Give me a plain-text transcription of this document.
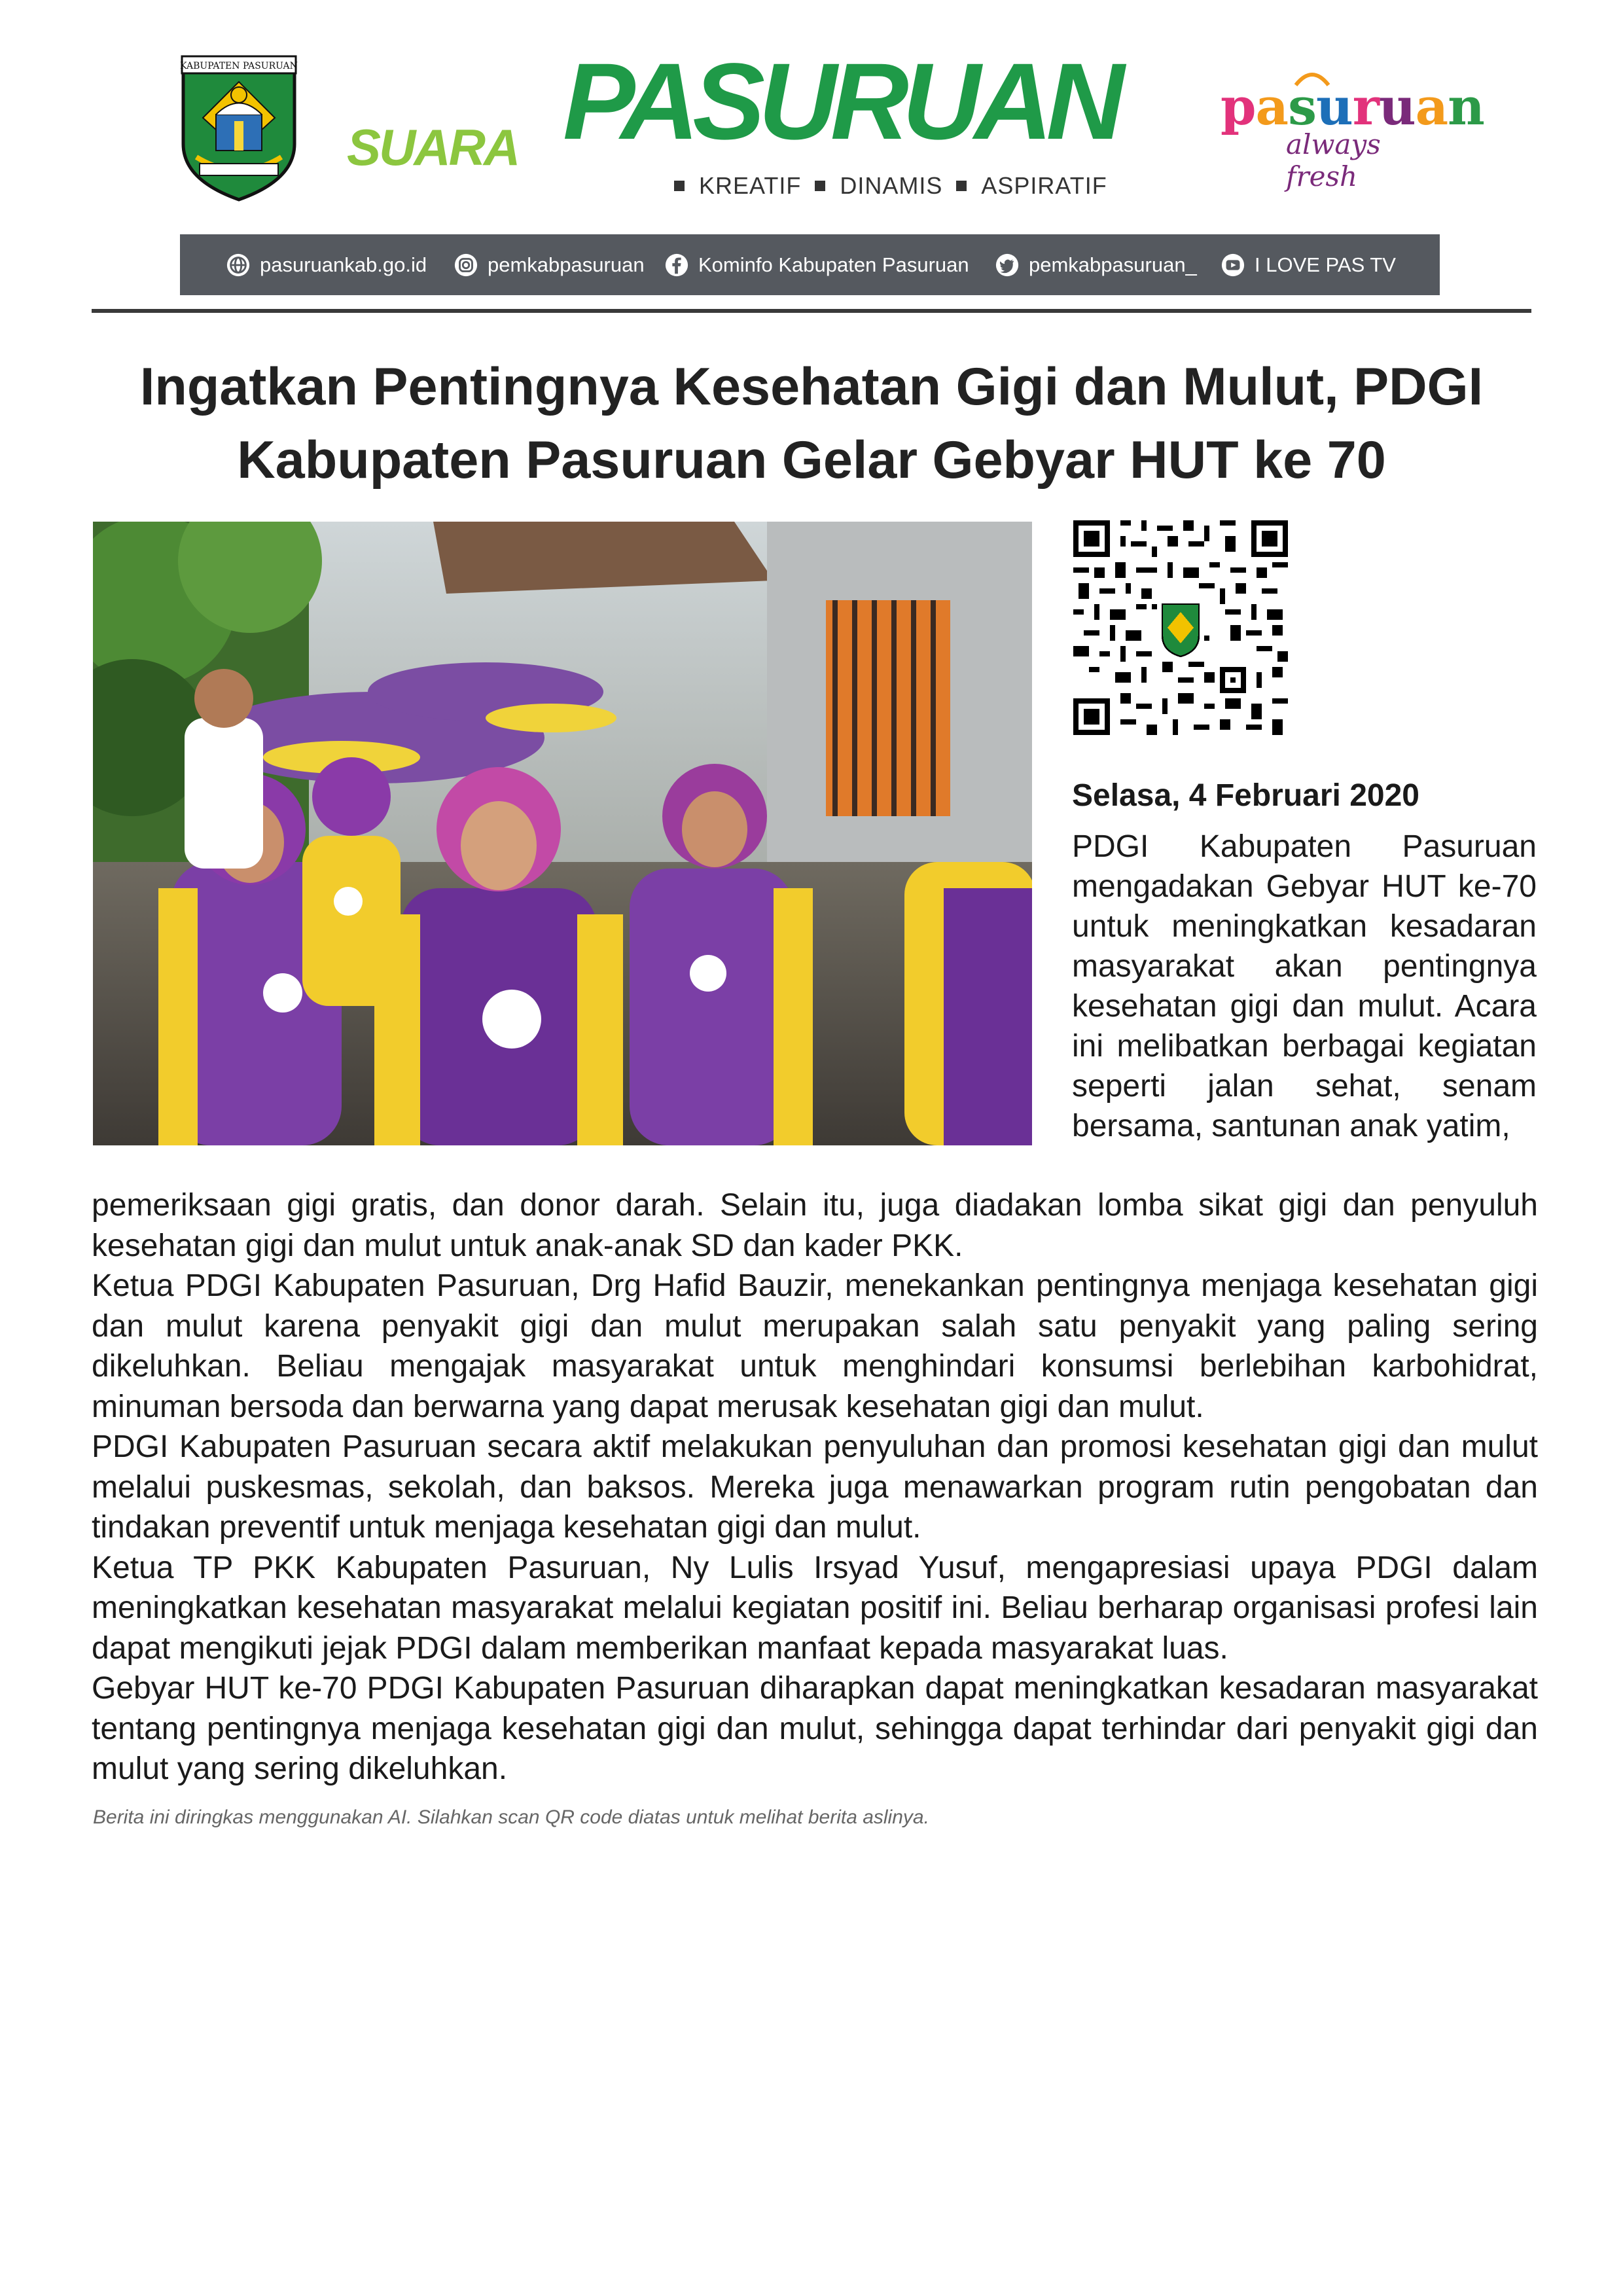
KABUPATEN PASURUAN
SUARA PASURUAN
KREATIF DINAMIS ASPIRATIF
pasuruan
always fresh
pasuruankab.go.id	pemkabpasuruan	Kominfo Kabupaten Pasuruan	pemkabpasuruan_	I LOVE PAS TV
Ingatkan Pentingnya Kesehatan Gigi dan Mulut, PDGI
Kabupaten Pasuruan Gelar Gebyar HUT ke 70
Selasa, 4 Februari 2020

PDGI Kabupaten Pasuruan mengadakan Gebyar HUT ke-70 untuk meningkatkan kesadaran masyarakat akan pentingnya kesehatan gigi dan mulut. Acara ini melibatkan berbagai kegiatan seperti jalan sehat, senam bersama, santunan anak yatim,

pemeriksaan gigi gratis, dan donor darah. Selain itu, juga diadakan lomba sikat gigi dan penyuluh kesehatan gigi dan mulut untuk anak-anak SD dan kader PKK.

Ketua PDGI Kabupaten Pasuruan, Drg Hafid Bauzir, menekankan pentingnya menjaga kesehatan gigi dan mulut karena penyakit gigi dan mulut merupakan salah satu penyakit yang paling sering dikeluhkan. Beliau mengajak masyarakat untuk menghindari konsumsi berlebihan karbohidrat, minuman bersoda dan berwarna yang dapat merusak kesehatan gigi dan mulut.

PDGI Kabupaten Pasuruan secara aktif melakukan penyuluhan dan promosi kesehatan gigi dan mulut melalui puskesmas, sekolah, dan baksos. Mereka juga menawarkan program rutin pengobatan dan tindakan preventif untuk menjaga kesehatan gigi dan mulut.

Ketua TP PKK Kabupaten Pasuruan, Ny Lulis Irsyad Yusuf, mengapresiasi upaya PDGI dalam meningkatkan kesehatan masyarakat melalui kegiatan positif ini. Beliau berharap organisasi profesi lain dapat mengikuti jejak PDGI dalam memberikan manfaat kepada masyarakat luas.

Gebyar HUT ke-70 PDGI Kabupaten Pasuruan diharapkan dapat meningkatkan kesadaran masyarakat tentang pentingnya menjaga kesehatan gigi dan mulut, sehingga dapat terhindar dari penyakit gigi dan mulut yang sering dikeluhkan.

Berita ini diringkas menggunakan AI. Silahkan scan QR code diatas untuk melihat berita aslinya.
